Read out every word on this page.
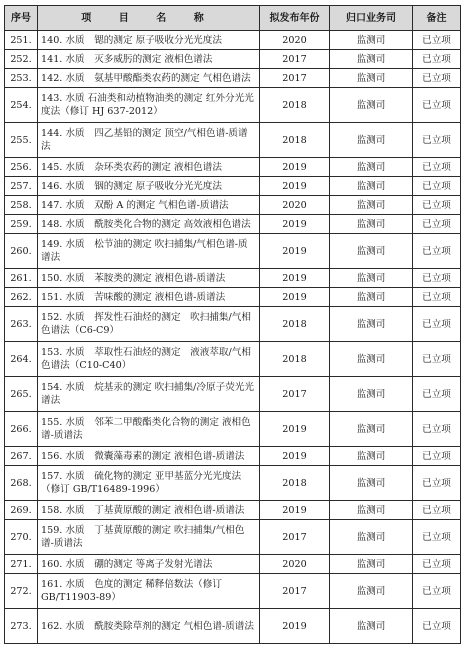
序号	项 目 名 称	拟发布年份	归口业务司	备注
251.	140. 水质　锶的测定 原子吸收分光光度法	2020	监测司	已立项
252.	141. 水质　灭多威肟的测定 液相色谱法	2017	监测司	已立项
253.	142. 水质　氨基甲酸酯类农药的测定 气相色谱法	2017	监测司	已立项
254.	143. 水质 石油类和动植物油类的测定 红外分光光度法（修订 HJ 637-2012）	2018	监测司	已立项
255.	144. 水质　四乙基铅的测定 顶空/气相色谱-质谱法	2018	监测司	已立项
256.	145. 水质　杂环类农药的测定 液相色谱法	2019	监测司	已立项
257.	146. 水质　铟的测定 原子吸收分光光度法	2019	监测司	已立项
258.	147. 水质　双酚 A 的测定 气相色谱-质谱法	2020	监测司	已立项
259.	148. 水质　酰胺类化合物的测定 高效液相色谱法	2019	监测司	已立项
260.	149. 水质　松节油的测定 吹扫捕集/气相色谱-质谱法	2019	监测司	已立项
261.	150. 水质　苯胺类的测定 液相色谱-质谱法	2019	监测司	已立项
262.	151. 水质　苦味酸的测定 液相色谱-质谱法	2019	监测司	已立项
263.	152. 水质　挥发性石油烃的测定　吹扫捕集/气相色谱法（C6-C9）	2018	监测司	已立项
264.	153. 水质　萃取性石油烃的测定　液液萃取/气相色谱法（C10-C40）	2018	监测司	已立项
265.	154. 水质　烷基汞的测定 吹扫捕集/冷原子荧光光谱法	2017	监测司	已立项
266.	155. 水质　邻苯二甲酸酯类化合物的测定 液相色谱-质谱法	2019	监测司	已立项
267.	156. 水质　微囊藻毒素的测定 液相色谱-质谱法	2019	监测司	已立项
268.	157. 水质　硫化物的测定 亚甲基蓝分光光度法（修订 GB/T16489-1996）	2018	监测司	已立项
269.	158. 水质　丁基黄原酸的测定 液相色谱-质谱法	2019	监测司	已立项
270.	159. 水质　丁基黄原酸的测定 吹扫捕集/气相色谱-质谱法	2017	监测司	已立项
271.	160. 水质　硼的测定 等离子发射光谱法	2020	监测司	已立项
272.	161. 水质　色度的测定 稀释倍数法（修订 GB/T11903-89）	2017	监测司	已立项
273.	162. 水质　酰胺类除草剂的测定 气相色谱-质谱法	2019	监测司	已立项
